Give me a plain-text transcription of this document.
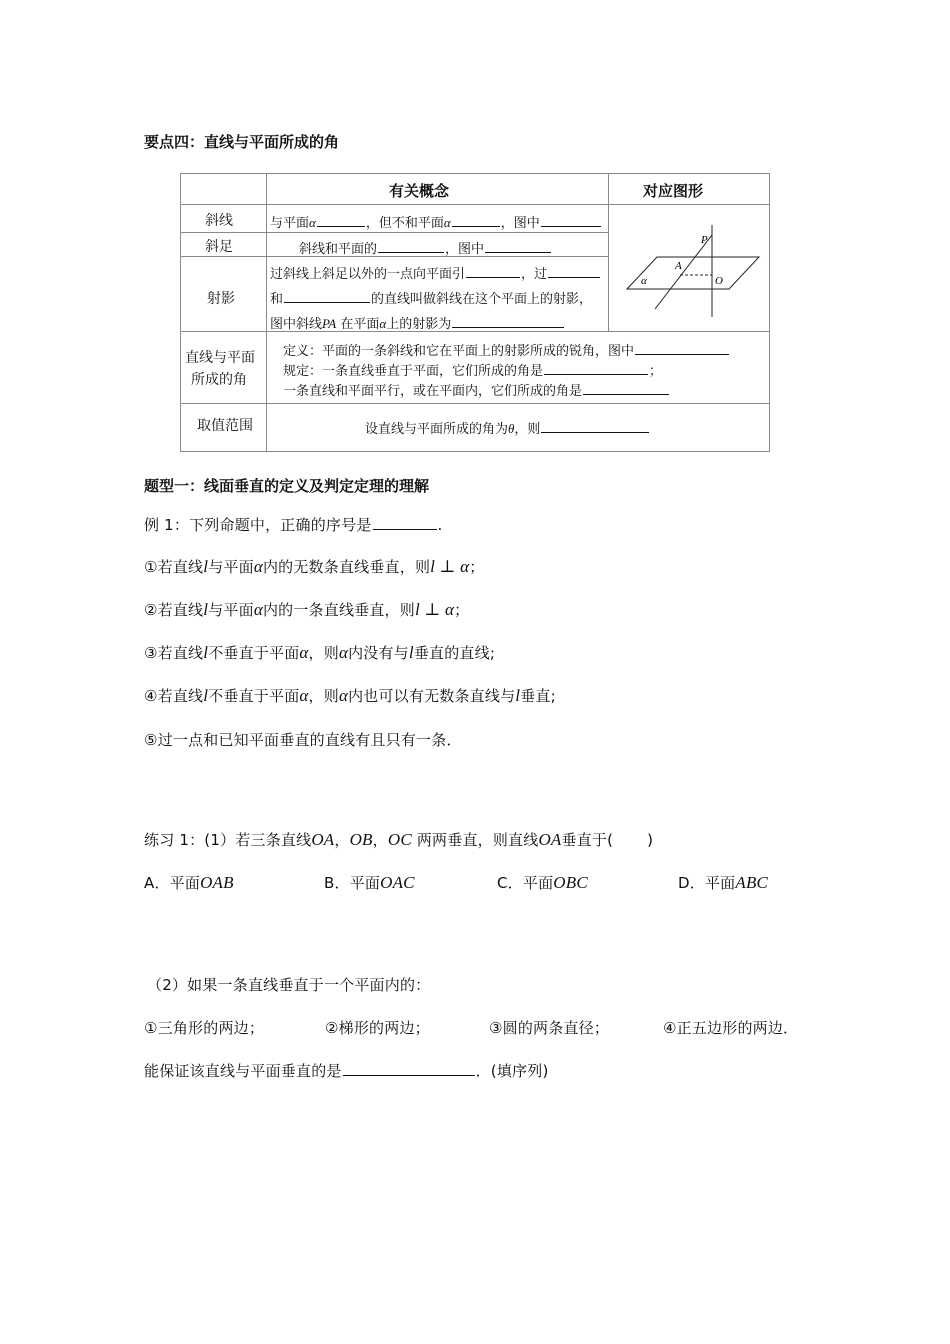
要点四：直线与平面所成的角
有关概念	对应图形
斜线	与平面α	，但不和平面α	，图中
斜足	斜线和平面的	，图中
射影
过斜线上斜足以外的一点向平面引	，过
和	的直线叫做斜线在这个平面上的射影，
图中斜线PA 在平面α上的射影为
直线与平面
所成的角
定义：平面的一条斜线和它在平面上的射影所成的锐角，图中
规定：一条直线垂直于平面，它们所成的角是	；
一条直线和平面平行，或在平面内，它们所成的角是
取值范围	设直线与平面所成的角为θ，则
P
A
O
α
题型一：线面垂直的定义及判定定理的理解
例 1：下列命题中，正确的序号是	.
①若直线l与平面α内的无数条直线垂直，则l ⊥ α；
②若直线l与平面α内的一条直线垂直，则l ⊥ α；
③若直线l不垂直于平面α，则α内没有与l垂直的直线;
④若直线l不垂直于平面α，则α内也可以有无数条直线与l垂直;
⑤过一点和已知平面垂直的直线有且只有一条．
练习 1：(1）若三条直线OA，OB，OC 两两垂直，则直线OA垂直于( )
A．平面OAB	B．平面OAC	C．平面OBC	D．平面ABC
（2）如果一条直线垂直于一个平面内的：
①三角形的两边；	②梯形的两边；	③圆的两条直径；	④正五边形的两边．
能保证该直线与平面垂直的是	．(填序列)
